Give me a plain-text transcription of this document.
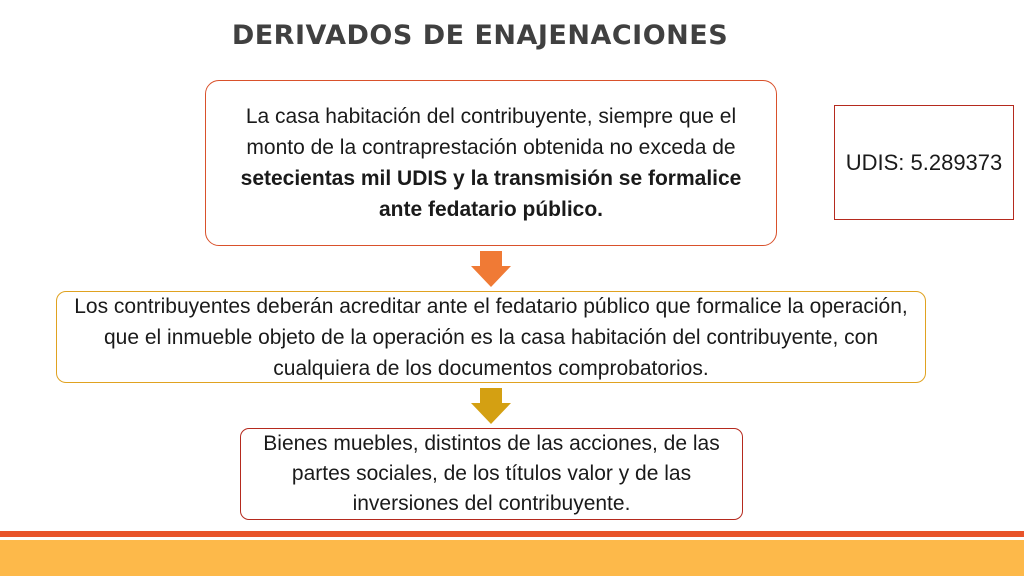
DERIVADOS DE ENAJENACIONES
La casa habitación del contribuyente, siempre que el monto de la contraprestación obtenida no exceda de setecientas mil UDIS y la transmisión se formalice ante fedatario público.
UDIS: 5.289373
Los contribuyentes deberán acreditar ante el fedatario público que formalice la operación, que el inmueble objeto de la operación es la casa habitación del contribuyente, con cualquiera de los documentos comprobatorios.
Bienes muebles, distintos de las acciones, de las partes sociales, de los títulos valor y de las inversiones del contribuyente.
